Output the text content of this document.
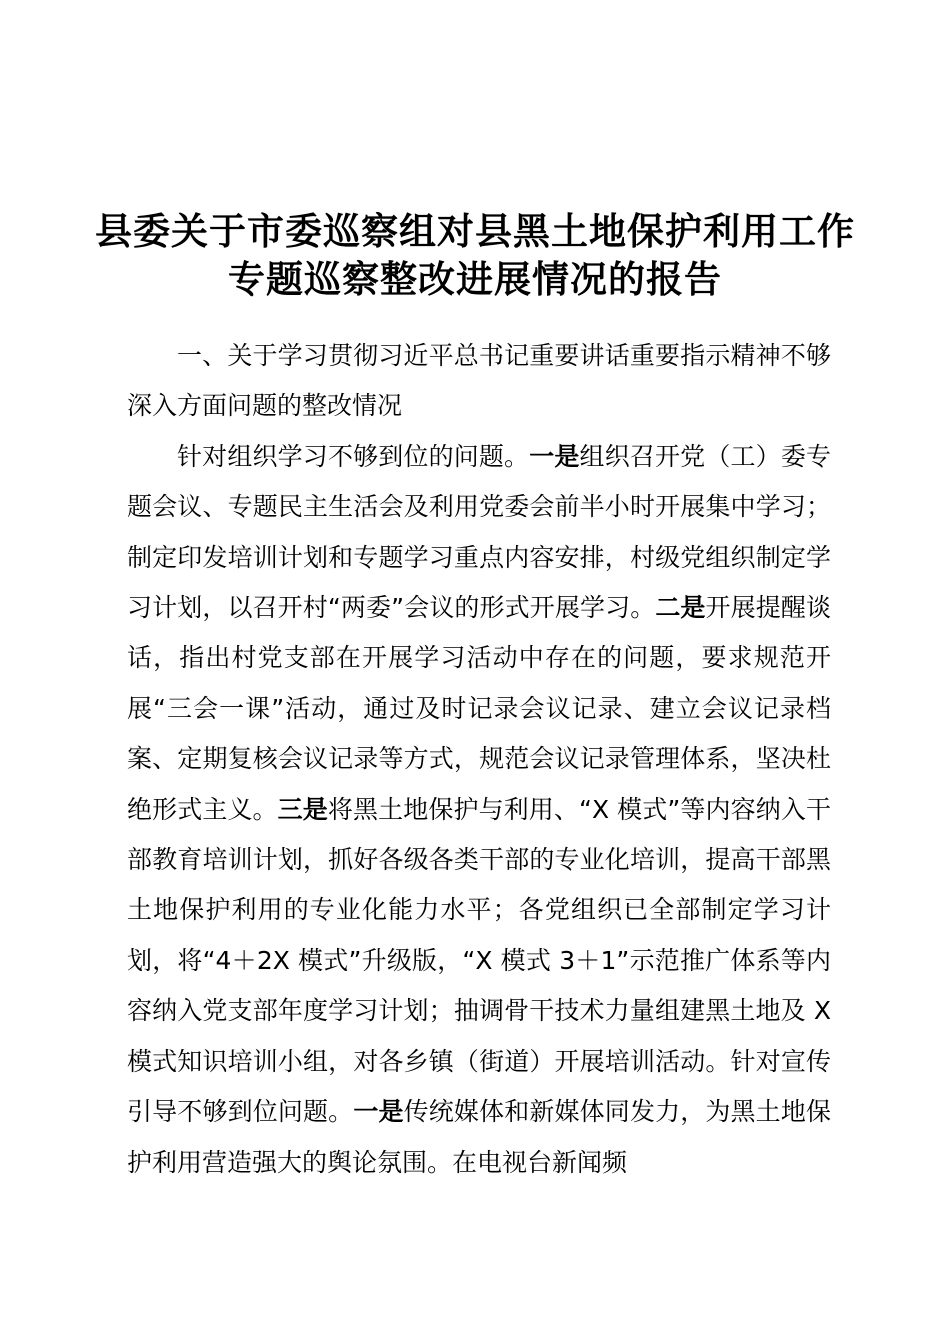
县委关于市委巡察组对县黑土地保护利用工作
专题巡察整改进展情况的报告

一、关于学习贯彻习近平总书记重要讲话重要指示精神不够深入方面问题的整改情况

针对组织学习不够到位的问题。一是组织召开党（工）委专题会议、专题民主生活会及利用党委会前半小时开展集中学习；制定印发培训计划和专题学习重点内容安排，村级党组织制定学习计划，以召开村“两委”会议的形式开展学习。二是开展提醒谈话，指出村党支部在开展学习活动中存在的问题，要求规范开展“三会一课”活动，通过及时记录会议记录、建立会议记录档案、定期复核会议记录等方式，规范会议记录管理体系，坚决杜绝形式主义。三是将黑土地保护与利用、“X 模式”等内容纳入干部教育培训计划，抓好各级各类干部的专业化培训，提高干部黑土地保护利用的专业化能力水平；各党组织已全部制定学习计划，将“4＋2X 模式”升级版，“X 模式 3＋1”示范推广体系等内容纳入党支部年度学习计划；抽调骨干技术力量组建黑土地及 X 模式知识培训小组，对各乡镇（街道）开展培训活动。针对宣传引导不够到位问题。一是传统媒体和新媒体同发力，为黑土地保护利用营造强大的舆论氛围。在电视台新闻频
